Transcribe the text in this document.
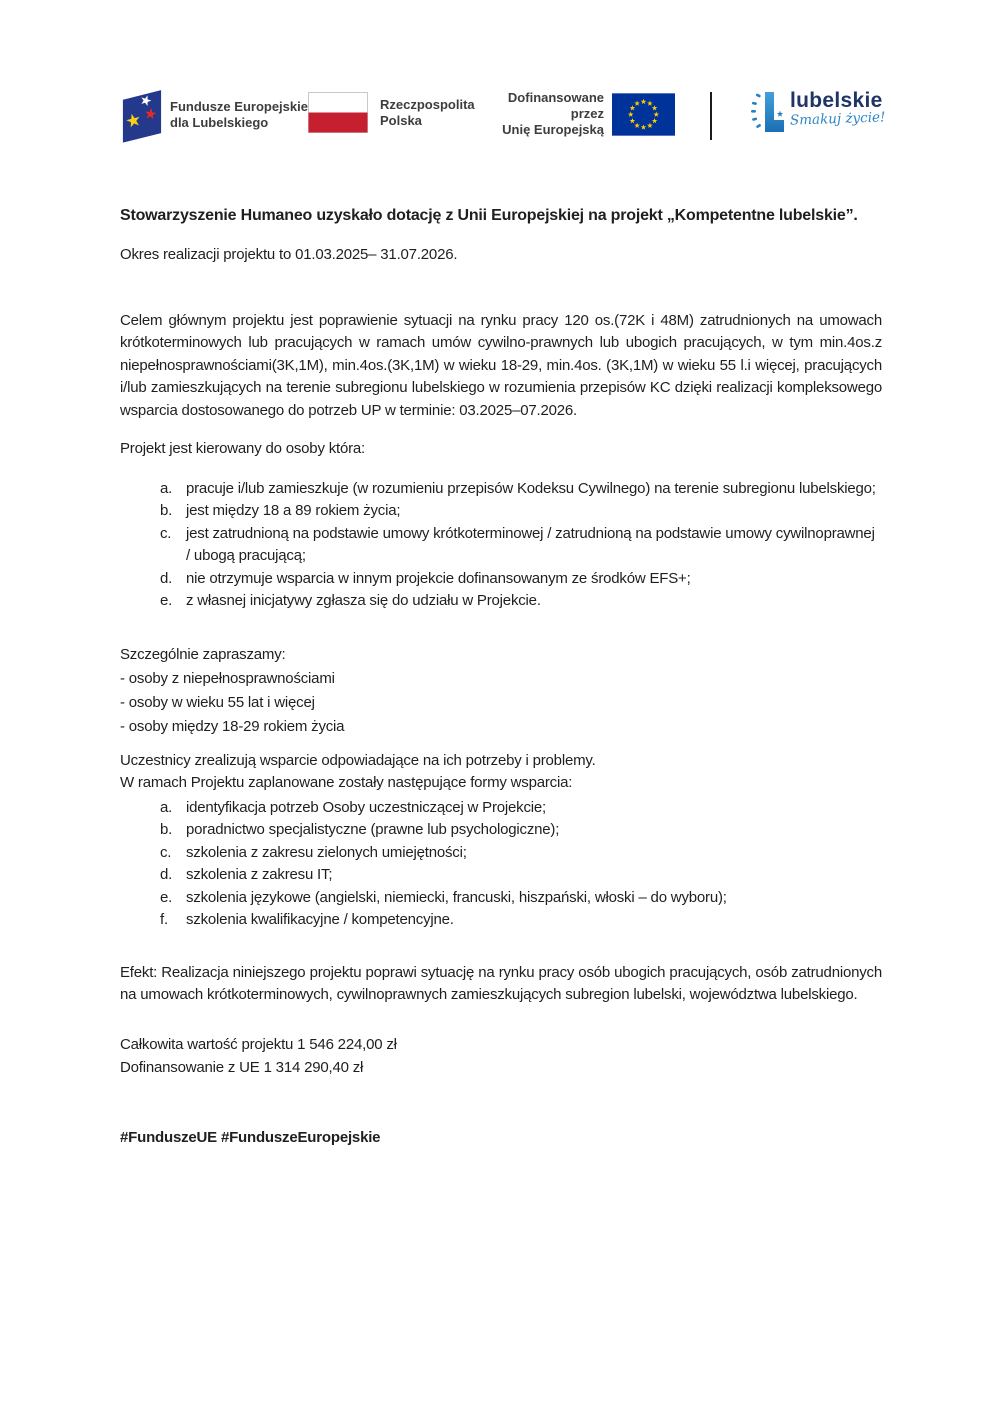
Fundusze Europejskie
dla Lubelskiego
Rzeczpospolita
Polska
Dofinansowane przez
Unię Europejską
lubelskie
Smakuj życie!

Stowarzyszenie Humaneo uzyskało dotację z Unii Europejskiej na projekt „Kompetentne lubelskie”.

Okres realizacji projektu to 01.03.2025– 31.07.2026.

Celem głównym projektu jest poprawienie sytuacji na rynku pracy 120 os.(72K i 48M) zatrudnionych na umowach krótkoterminowych lub pracujących w ramach umów cywilno-prawnych lub ubogich pracujących, w tym min.4os.z niepełnosprawnościami(3K,1M), min.4os.(3K,1M) w wieku 18-29, min.4os. (3K,1M) w wieku 55 l.i więcej, pracujących i/lub zamieszkujących na terenie subregionu lubelskiego w rozumienia przepisów KC dzięki realizacji kompleksowego wsparcia dostosowanego do potrzeb UP w terminie: 03.2025–07.2026.

Projekt jest kierowany do osoby która:

a. pracuje i/lub zamieszkuje (w rozumieniu przepisów Kodeksu Cywilnego) na terenie subregionu lubelskiego;
b. jest między 18 a 89 rokiem życia;
c. jest zatrudnioną na podstawie umowy krótkoterminowej / zatrudnioną na podstawie umowy cywilnoprawnej / ubogą pracującą;
d. nie otrzymuje wsparcia w innym projekcie dofinansowanym ze środków EFS+;
e. z własnej inicjatywy zgłasza się do udziału w Projekcie.

Szczególnie zapraszamy:

- osoby z niepełnosprawnościami

- osoby w wieku 55 lat i więcej

- osoby między 18-29 rokiem życia

Uczestnicy zrealizują wsparcie odpowiadające na ich potrzeby i problemy.

W ramach Projektu zaplanowane zostały następujące formy wsparcia:

a. identyfikacja potrzeb Osoby uczestniczącej w Projekcie;
b. poradnictwo specjalistyczne (prawne lub psychologiczne);
c. szkolenia z zakresu zielonych umiejętności;
d. szkolenia z zakresu IT;
e. szkolenia językowe (angielski, niemiecki, francuski, hiszpański, włoski – do wyboru);
f.	szkolenia kwalifikacyjne / kompetencyjne.

Efekt: Realizacja niniejszego projektu poprawi sytuację na rynku pracy osób ubogich pracujących, osób zatrudnionych na umowach krótkoterminowych, cywilnoprawnych zamieszkujących subregion lubelski, województwa lubelskiego.

Całkowita wartość projektu 1 546 224,00 zł

Dofinansowanie z UE 1 314 290,40 zł

#FunduszeUE #FunduszeEuropejskie
